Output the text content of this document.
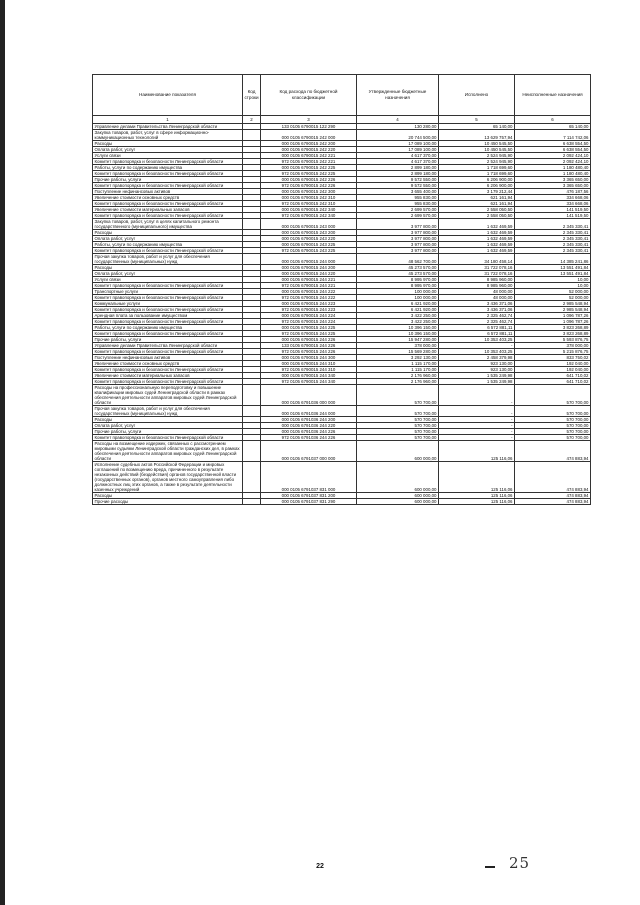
Наименование показателя	Код строки	Код расхода по бюджетной классификации	Утвержденные бюджетные назначения	Исполнено	Неисполненные назначения
1	2	3	4	5	6
Управление делами Правительства Ленинградской области		133 0105 6790015 122 290	130 280,00	65 140,00	65 140,00
Закупка товаров, работ, услуг в сфере информационно-коммуникационных технологий		000 0105 6790015 242 000	20 744 500,00	13 629 757,94	7 114 742,06
Расходы		000 0105 6790015 242 200	17 089 100,00	10 450 545,50	6 638 554,50
Оплата работ, услуг		000 0105 6790015 242 220	17 089 100,00	10 450 545,50	6 638 554,50
Услуги связи		000 0105 6790015 242 221	4 617 370,00	2 524 945,90	2 092 424,10
Комитет правопорядка и безопасности Ленинградской области		972 0105 6790015 242 221	4 617 370,00	2 524 945,90	2 092 424,10
Работы, услуги по содержанию имущества		000 0105 6790015 242 225	2 899 180,00	1 718 699,60	1 180 480,40
Комитет правопорядка и безопасности Ленинградской области		972 0105 6790015 242 225	2 899 180,00	1 718 699,60	1 180 480,40
Прочие работы, услуги		000 0105 6790015 242 226	9 572 550,00	6 206 900,00	3 365 650,00
Комитет правопорядка и безопасности Ленинградской области		972 0105 6790015 242 226	9 572 550,00	6 206 900,00	3 365 650,00
Поступление нефинансовых активов		000 0105 6790015 242 300	3 655 400,00	3 179 212,44	476 187,56
Увеличение стоимости основных средств		000 0105 6790015 242 310	955 830,00	621 161,94	334 668,06
Комитет правопорядка и безопасности Ленинградской области		972 0105 6790015 242 310	955 830,00	621 161,94	334 668,06
Увеличение стоимости материальных запасов		000 0105 6790015 242 340	2 699 570,00	2 558 050,50	141 519,50
Комитет правопорядка и безопасности Ленинградской области		972 0105 6790015 242 340	2 699 570,00	2 558 050,50	141 519,50
Закупка товаров, работ, услуг в целях капитального ремонта государственного (муниципального) имущества		000 0105 6790015 243 000	3 977 800,00	1 632 469,59	2 345 330,41
Расходы		000 0105 6790015 243 200	3 977 800,00	1 632 469,59	2 345 330,41
Оплата работ, услуг		000 0105 6790015 243 220	3 977 800,00	1 632 469,59	2 345 330,41
Работы, услуги по содержанию имущества		000 0105 6790015 243 225	3 977 800,00	1 632 469,59	2 345 330,41
Комитет правопорядка и безопасности Ленинградской области		972 0105 6790015 243 225	3 977 800,00	1 632 469,59	2 345 330,41
Прочая закупка товаров, работ и услуг для обеспечения государственных (муниципальных) нужд		000 0105 6790015 244 000	48 562 700,00	34 180 458,14	14 385 241,86
Расходы		000 0105 6790015 244 200	45 273 570,00	31 722 078,16	13 551 491,84
Оплата работ, услуг		000 0105 6790015 244 220	45 273 570,00	31 722 078,16	13 551 491,84
Услуги связи		000 0105 6790015 244 221	8 995 970,00	8 985 960,00	10,00
Комитет правопорядка и безопасности Ленинградской области		972 0105 6790015 244 221	8 995 970,00	8 985 960,00	10,00
Транспортные услуги		000 0105 6790015 244 222	100 000,00	48 000,00	52 000,00
Комитет правопорядка и безопасности Ленинградской области		972 0105 6790015 244 222	100 000,00	48 000,00	52 000,00
Коммунальные услуги		000 0105 6790015 244 223	6 421 920,00	3 436 371,06	2 985 548,94
Комитет правопорядка и безопасности Ленинградской области		972 0105 6790015 244 223	6 421 920,00	3 436 371,06	2 985 548,94
Арендная плата за пользование имуществом		000 0105 6790015 244 224	3 422 250,00	2 325 462,74	1 096 787,26
Комитет правопорядка и безопасности Ленинградской области		972 0105 6790015 244 224	3 422 250,00	2 325 462,74	1 096 787,26
Работы, услуги по содержанию имущества		000 0105 6790015 244 225	10 396 150,00	6 572 881,11	3 823 268,89
Комитет правопорядка и безопасности Ленинградской области		972 0105 6790015 244 225	10 396 150,00	6 572 881,11	3 823 268,89
Прочие работы, услуги		000 0105 6790015 244 226	15 947 280,00	10 353 403,25	5 593 876,75
Управление делами Правительства Ленинградской области		133 0105 6790015 244 226	378 000,00	-	378 000,00
Комитет правопорядка и безопасности Ленинградской области		972 0105 6790015 244 226	15 569 280,00	10 353 403,25	5 215 876,75
Поступление нефинансовых активов		000 0105 6790015 244 300	3 292 130,00	2 458 379,98	833 750,02
Увеличение стоимости основных средств		000 0105 6790015 244 310	1 115 170,00	923 130,00	192 040,00
Комитет правопорядка и безопасности Ленинградской области		972 0105 6790015 244 310	1 115 170,00	923 130,00	192 040,00
Увеличение стоимости материальных запасов		000 0105 6790015 244 340	2 176 960,00	1 535 249,98	641 710,02
Комитет правопорядка и безопасности Ленинградской области		972 0105 6790015 244 340	2 176 960,00	1 535 249,98	641 710,02
Расходы на профессиональную переподготовку и повышение квалификации мировых судей Ленинградской области в рамках обеспечения деятельности аппаратов мировых судей Ленинградской области		000 0105 6791036 000 000	570 700,00	-	570 700,00
Прочая закупка товаров, работ и услуг для обеспечения государственных (муниципальных) нужд		000 0105 6791036 244 000	570 700,00	-	570 700,00
Расходы		000 0105 6791036 244 200	570 700,00	-	570 700,00
Оплата работ, услуг		000 0105 6791036 244 220	570 700,00	-	570 700,00
Прочие работы, услуги		000 0105 6791036 244 226	570 700,00	-	570 700,00
Комитет правопорядка и безопасности Ленинградской области		972 0105 6791036 244 226	570 700,00	-	570 700,00
Расходы на возмещение издержек, связанных с рассмотрением мировыми судьями Ленинградской области гражданских дел, в рамках обеспечения деятельности аппаратов мировых судей Ленинградской области		000 0105 6791037 000 000	600 000,00	125 116,06	474 883,94
Исполнение судебных актов Российской Федерации и мировых соглашений по возмещению вреда, причиненного в результате незаконных действий (бездействия) органов государственной власти (государственных органов), органов местного самоуправления либо должностных лиц этих органов, а также в результате деятельности казенных учреждений		000 0105 6791037 831 000	600 000,00	125 116,06	474 883,94
Расходы		000 0105 6791037 831 200	600 000,00	125 116,06	474 883,94
Прочие расходы		000 0105 6791037 831 290	600 000,00	125 116,06	474 883,94
22	25
